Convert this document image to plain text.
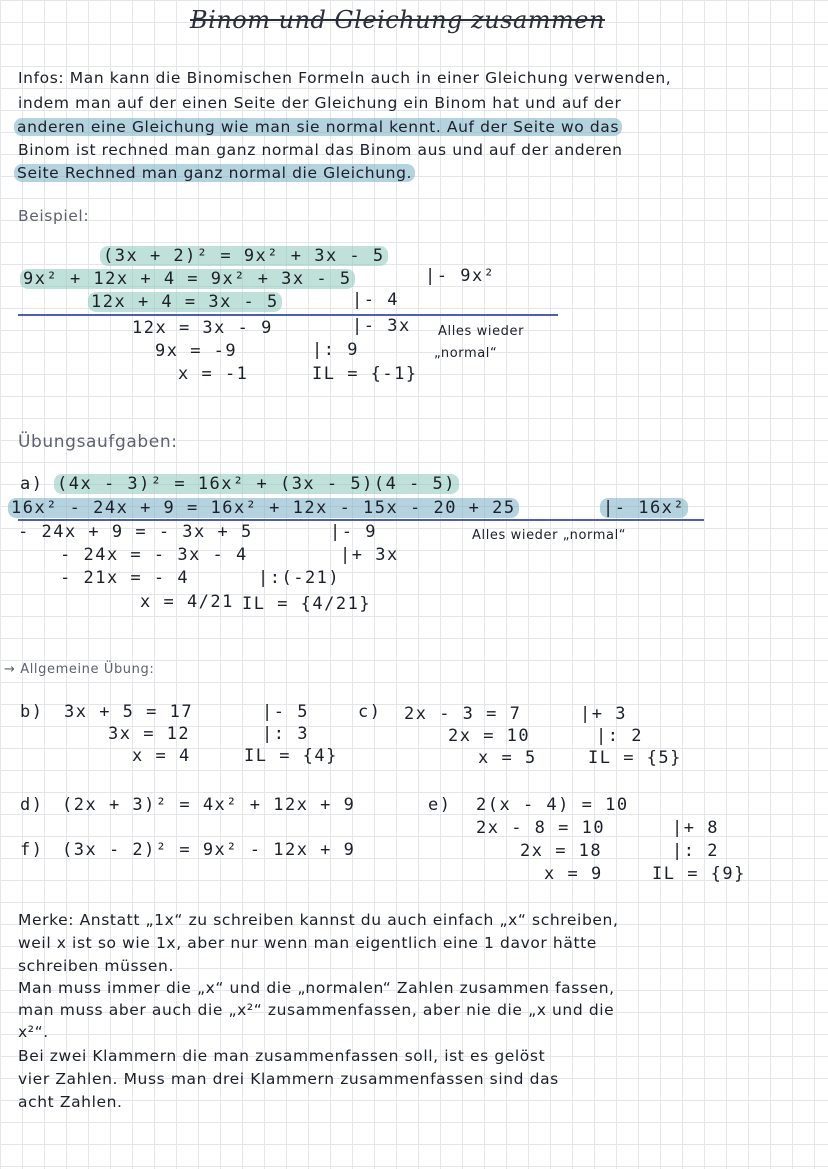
Binom und Gleichung zusammen
Infos: Man kann die Binomischen Formeln auch in einer Gleichung verwenden,
indem man auf der einen Seite der Gleichung ein Binom hat und auf der
anderen eine Gleichung wie man sie normal kennt. Auf der Seite wo das
Binom ist rechned man ganz normal das Binom aus und auf der anderen
Seite Rechned man ganz normal die Gleichung.
Beispiel:
(3x + 2)² = 9x² + 3x - 5
9x² + 12x + 4 = 9x² + 3x - 5
12x + 4 = 3x - 5
12x = 3x - 9
9x = -9
x = -1
|- 9x²
|- 4
|- 3x
|: 9
IL = {-1}
Alles wieder
„normal“
Übungsaufgaben:
a) (4x - 3)² = 16x² + (3x - 5)(4 - 5)
16x² - 24x + 9 = 16x² + 12x - 15x - 20 + 25	|- 16x²
- 24x + 9 = - 3x + 5
- 24x = - 3x - 4
- 21x = - 4
x = 4/21
|- 9
|+ 3x
|:(-21)
IL = {4/21}
Alles wieder „normal“
→ Allgemeine Übung:
b) 3x + 5 = 17
3x = 12
x = 4
|- 5
|: 3
IL = {4}
c) 2x - 3 = 7
2x = 10
x = 5
|+ 3
|: 2
IL = {5}
d) (2x + 3)² = 4x² + 12x + 9
f) (3x - 2)² = 9x² - 12x + 9
e) 2(x - 4) = 10
2x - 8 = 10
2x = 18
x = 9
|+ 8
|: 2
IL = {9}
Merke: Anstatt „1x“ zu schreiben kannst du auch einfach „x“ schreiben,
weil x ist so wie 1x, aber nur wenn man eigentlich eine 1 davor hätte
schreiben müssen.
Man muss immer die „x“ und die „normalen“ Zahlen zusammen fassen,
man muss aber auch die „x²“ zusammenfassen, aber nie die „x und die
x²“.
Bei zwei Klammern die man zusammenfassen soll, ist es gelöst
vier Zahlen. Muss man drei Klammern zusammenfassen sind das
acht Zahlen.
